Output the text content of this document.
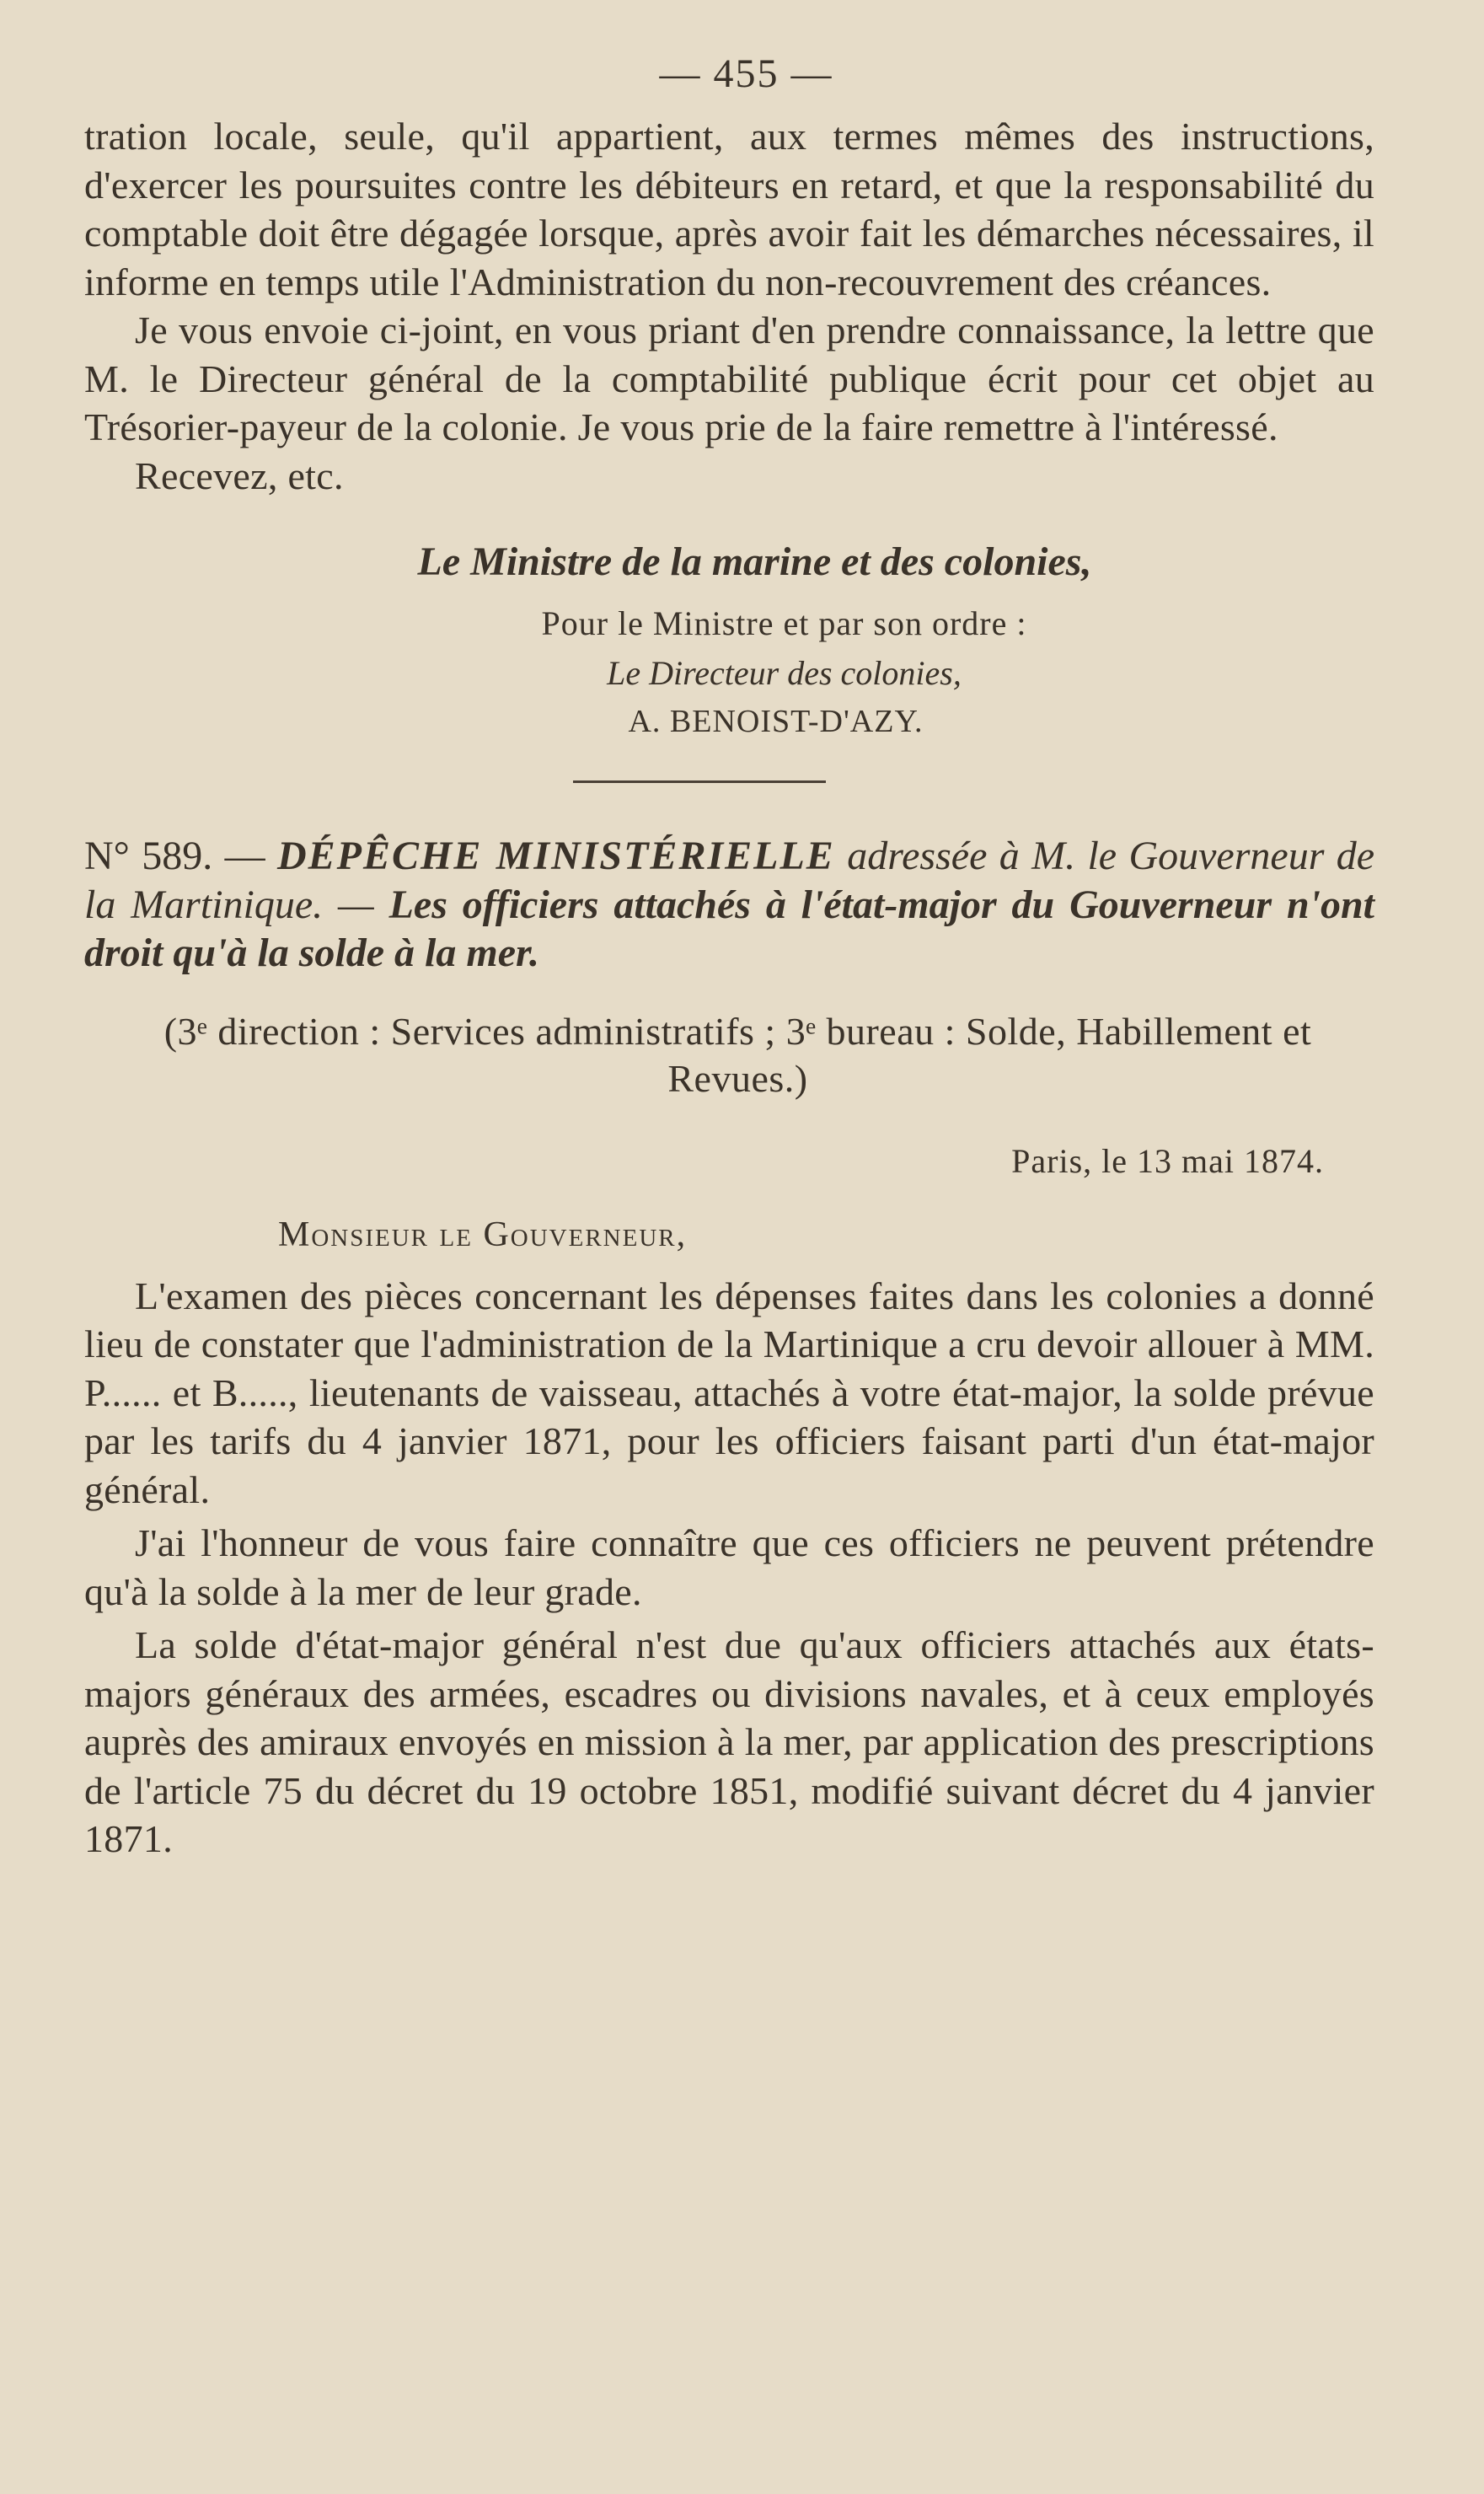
— 455 —

tration locale, seule, qu'il appartient, aux termes mêmes des instructions, d'exercer les poursuites contre les débiteurs en retard, et que la responsabilité du comptable doit être dégagée lorsque, après avoir fait les démarches nécessaires, il informe en temps utile l'Administration du non-recouvrement des créances.

Je vous envoie ci-joint, en vous priant d'en prendre connaissance, la lettre que M. le Directeur général de la comptabilité publique écrit pour cet objet au Trésorier-payeur de la colonie. Je vous prie de la faire remettre à l'intéressé.

Recevez, etc.

Le Ministre de la marine et des colonies,

Pour le Ministre et par son ordre :

Le Directeur des colonies,

A. BENOIST-D'AZY.

N° 589. — DÉPÊCHE MINISTÉRIELLE adressée à M. le Gouverneur de la Martinique. — Les officiers attachés à l'état-major du Gouverneur n'ont droit qu'à la solde à la mer.

(3ᵉ direction : Services administratifs ; 3ᵉ bureau : Solde, Habillement et Revues.)

Paris, le 13 mai 1874.

Monsieur le Gouverneur,

L'examen des pièces concernant les dépenses faites dans les colonies a donné lieu de constater que l'administration de la Martinique a cru devoir allouer à MM. P...... et B....., lieutenants de vaisseau, attachés à votre état-major, la solde prévue par les tarifs du 4 janvier 1871, pour les officiers faisant parti d'un état-major général.

J'ai l'honneur de vous faire connaître que ces officiers ne peuvent prétendre qu'à la solde à la mer de leur grade.

La solde d'état-major général n'est due qu'aux officiers attachés aux états-majors généraux des armées, escadres ou divisions navales, et à ceux employés auprès des amiraux envoyés en mission à la mer, par application des prescriptions de l'article 75 du décret du 19 octobre 1851, modifié suivant décret du 4 janvier 1871.
